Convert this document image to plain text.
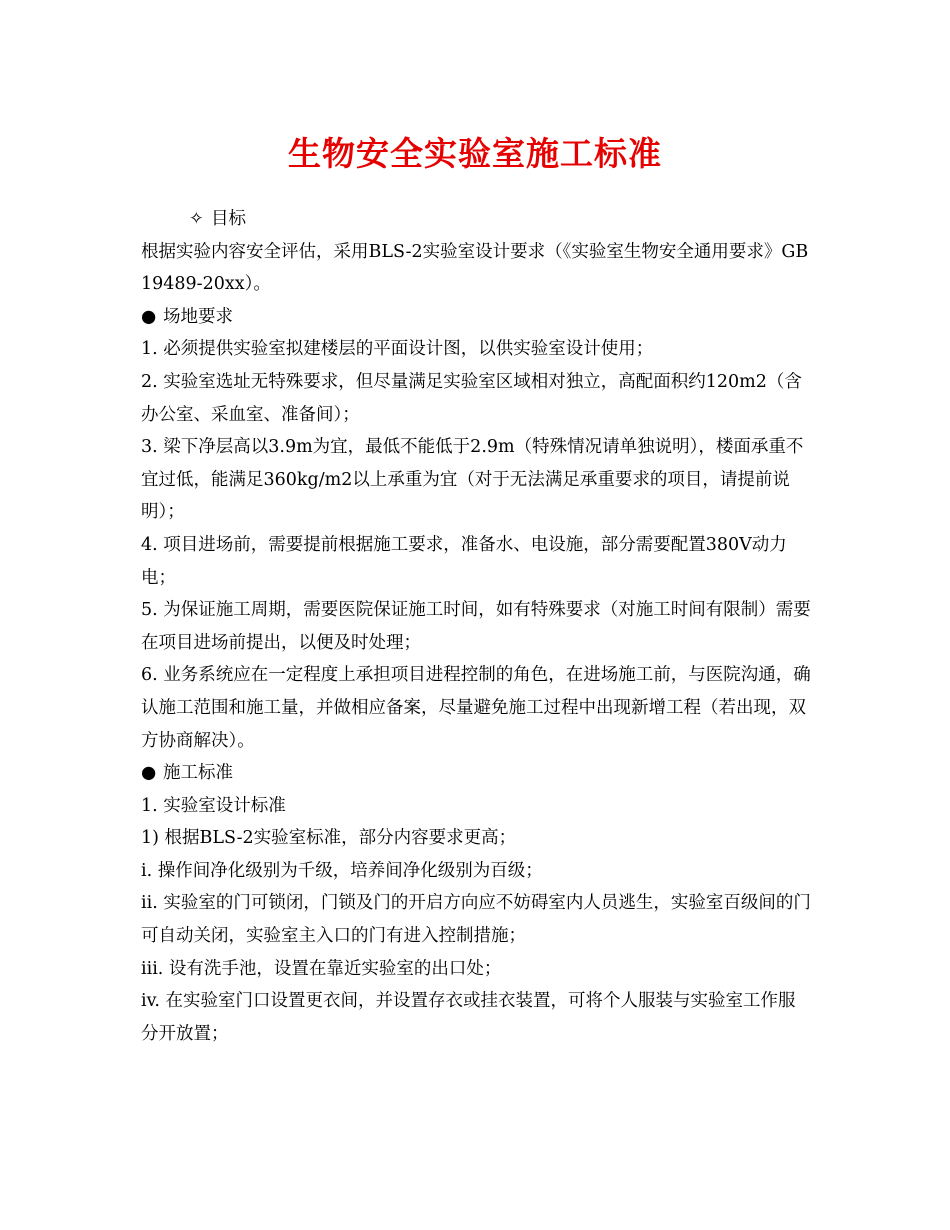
生物安全实验室施工标准

✧ 目标

根据实验内容安全评估，采用BLS-2实验室设计要求（《实验室生物安全通用要求》GB 19489-20xx）。

● 场地要求

1. 必须提供实验室拟建楼层的平面设计图，以供实验室设计使用；

2. 实验室选址无特殊要求，但尽量满足实验室区域相对独立，高配面积约120m2（含办公室、采血室、准备间）；

3. 梁下净层高以3.9m为宜，最低不能低于2.9m（特殊情况请单独说明），楼面承重不宜过低，能满足360kg/m2以上承重为宜（对于无法满足承重要求的项目，请提前说明）；

4. 项目进场前，需要提前根据施工要求，准备水、电设施，部分需要配置380V动力电；

5. 为保证施工周期，需要医院保证施工时间，如有特殊要求（对施工时间有限制）需要在项目进场前提出，以便及时处理；

6. 业务系统应在一定程度上承担项目进程控制的角色，在进场施工前，与医院沟通，确认施工范围和施工量，并做相应备案，尽量避免施工过程中出现新增工程（若出现，双方协商解决）。

● 施工标准

1. 实验室设计标准

1) 根据BLS-2实验室标准，部分内容要求更高；

i. 操作间净化级别为千级，培养间净化级别为百级；

ii. 实验室的门可锁闭，门锁及门的开启方向应不妨碍室内人员逃生，实验室百级间的门可自动关闭，实验室主入口的门有进入控制措施；

iii. 设有洗手池，设置在靠近实验室的出口处；

iv. 在实验室门口设置更衣间，并设置存衣或挂衣装置，可将个人服装与实验室工作服分开放置；
